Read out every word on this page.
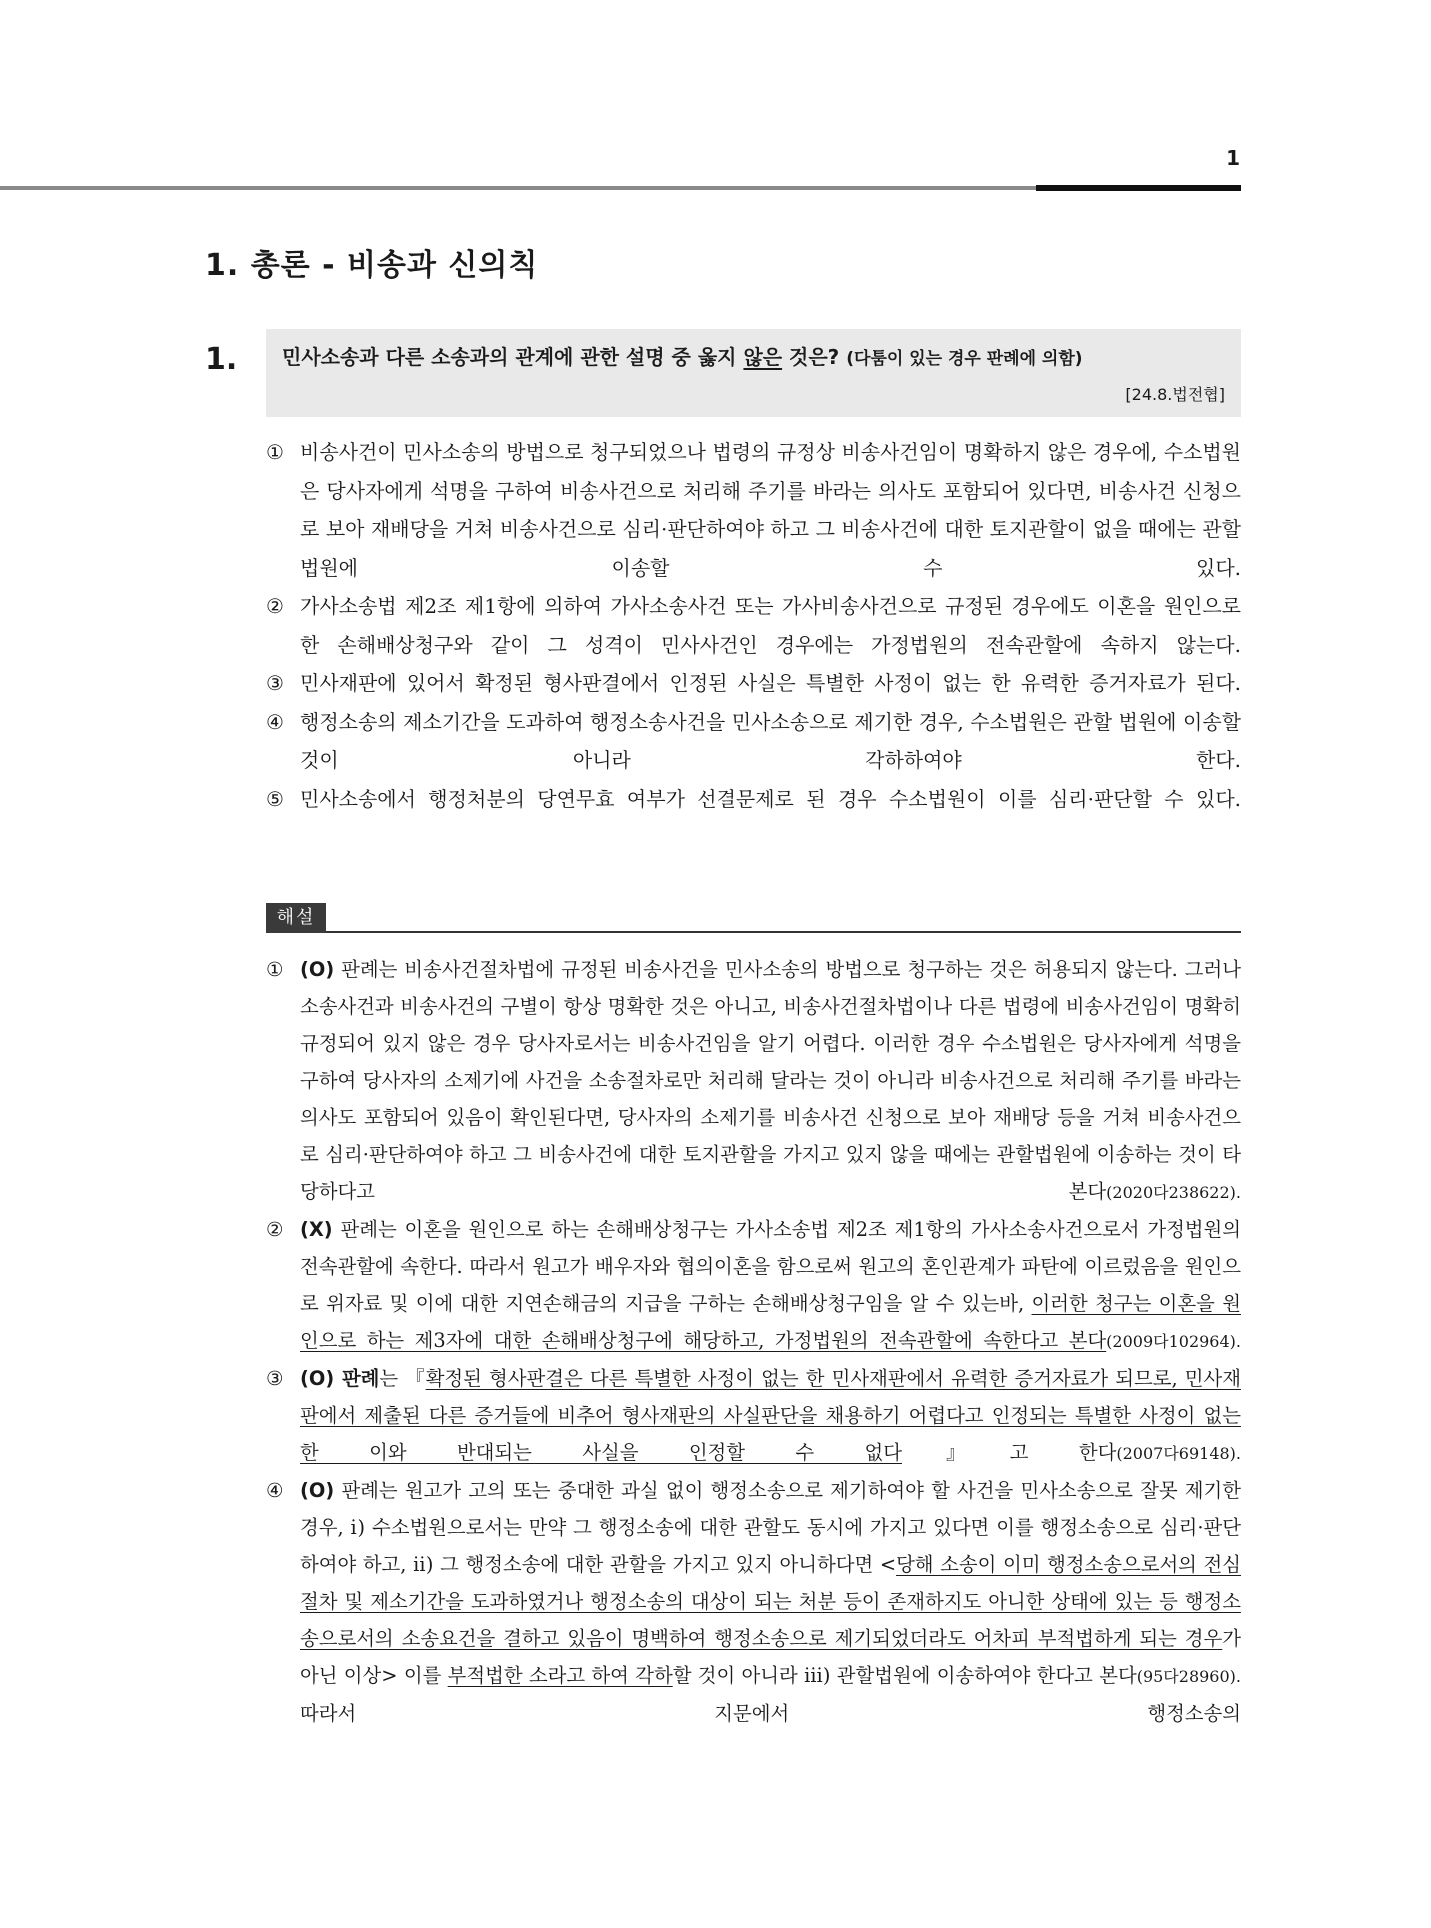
1
1. 총론 - 비송과 신의칙
1. 민사소송과 다른 소송과의 관계에 관한 설명 중 옳지 않은 것은? (다툼이 있는 경우 판례에 의함)
[24.8.법전협]
① 비송사건이 민사소송의 방법으로 청구되었으나 법령의 규정상 비송사건임이 명확하지 않은 경우에, 수소법원은 당사자에게 석명을 구하여 비송사건으로 처리해 주기를 바라는 의사도 포함되어 있다면, 비송사건 신청으로 보아 재배당을 거쳐 비송사건으로 심리·판단하여야 하고 그 비송사건에 대한 토지관할이 없을 때에는 관할법원에 이송할 수 있다.
② 가사소송법 제2조 제1항에 의하여 가사소송사건 또는 가사비송사건으로 규정된 경우에도 이혼을 원인으로 한 손해배상청구와 같이 그 성격이 민사사건인 경우에는 가정법원의 전속관할에 속하지 않는다.
③ 민사재판에 있어서 확정된 형사판결에서 인정된 사실은 특별한 사정이 없는 한 유력한 증거자료가 된다.
④ 행정소송의 제소기간을 도과하여 행정소송사건을 민사소송으로 제기한 경우, 수소법원은 관할 법원에 이송할 것이 아니라 각하하여야 한다.
⑤ 민사소송에서 행정처분의 당연무효 여부가 선결문제로 된 경우 수소법원이 이를 심리·판단할 수 있다.
해설
① (O) 판례는 비송사건절차법에 규정된 비송사건을 민사소송의 방법으로 청구하는 것은 허용되지 않는다. 그러나 소송사건과 비송사건의 구별이 항상 명확한 것은 아니고, 비송사건절차법이나 다른 법령에 비송사건임이 명확히 규정되어 있지 않은 경우 당사자로서는 비송사건임을 알기 어렵다. 이러한 경우 수소법원은 당사자에게 석명을 구하여 당사자의 소제기에 사건을 소송절차로만 처리해 달라는 것이 아니라 비송사건으로 처리해 주기를 바라는 의사도 포함되어 있음이 확인된다면, 당사자의 소제기를 비송사건 신청으로 보아 재배당 등을 거쳐 비송사건으로 심리·판단하여야 하고 그 비송사건에 대한 토지관할을 가지고 있지 않을 때에는 관할법원에 이송하는 것이 타당하다고 본다(2020다238622).
② (X) 판례는 이혼을 원인으로 하는 손해배상청구는 가사소송법 제2조 제1항의 가사소송사건으로서 가정법원의 전속관할에 속한다. 따라서 원고가 배우자와 협의이혼을 함으로써 원고의 혼인관계가 파탄에 이르렀음을 원인으로 위자료 및 이에 대한 지연손해금의 지급을 구하는 손해배상청구임을 알 수 있는바, 이러한 청구는 이혼을 원인으로 하는 제3자에 대한 손해배상청구에 해당하고, 가정법원의 전속관할에 속한다고 본다(2009다102964).
③ (O) 판례는 『확정된 형사판결은 다른 특별한 사정이 없는 한 민사재판에서 유력한 증거자료가 되므로, 민사재판에서 제출된 다른 증거들에 비추어 형사재판의 사실판단을 채용하기 어렵다고 인정되는 특별한 사정이 없는 한 이와 반대되는 사실을 인정할 수 없다』고 한다(2007다69148).
④ (O) 판례는 원고가 고의 또는 중대한 과실 없이 행정소송으로 제기하여야 할 사건을 민사소송으로 잘못 제기한 경우, ⅰ) 수소법원으로서는 만약 그 행정소송에 대한 관할도 동시에 가지고 있다면 이를 행정소송으로 심리·판단하여야 하고, ⅱ) 그 행정소송에 대한 관할을 가지고 있지 아니하다면 <당해 소송이 이미 행정소송으로서의 전심절차 및 제소기간을 도과하였거나 행정소송의 대상이 되는 처분 등이 존재하지도 아니한 상태에 있는 등 행정소송으로서의 소송요건을 결하고 있음이 명백하여 행정소송으로 제기되었더라도 어차피 부적법하게 되는 경우가 아닌 이상> 이를 부적법한 소라고 하여 각하할 것이 아니라 ⅲ) 관할법원에 이송하여야 한다고 본다(95다28960). 따라서 지문에서 행정소송의
